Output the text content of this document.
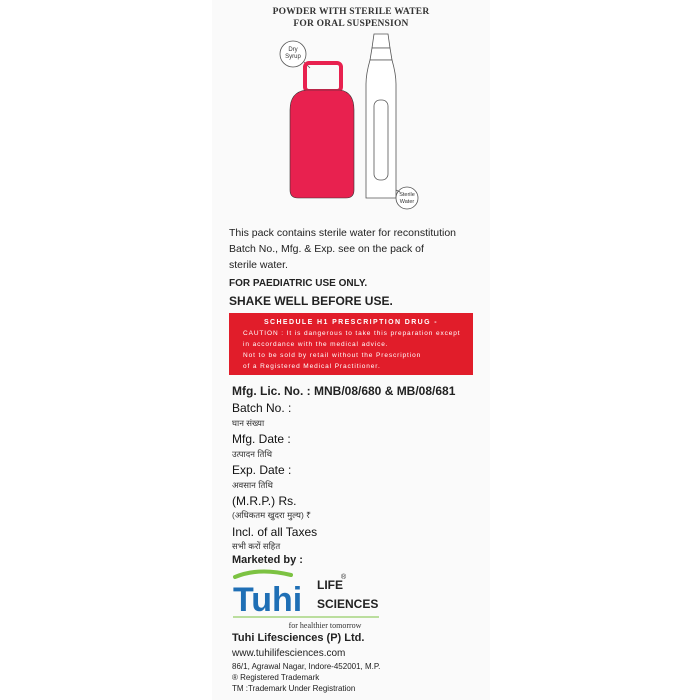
POWDER WITH STERILE WATER
FOR ORAL SUSPENSION
Dry
Syrup
Sterile
Water
This pack contains sterile water for reconstitution
Batch No., Mfg. & Exp. see on the pack of
sterile water.
FOR PAEDIATRIC USE ONLY.
SHAKE WELL BEFORE USE.
SCHEDULE H1 PRESCRIPTION DRUG -
CAUTION : It is dangerous to take this preparation except
in accordance with the medical advice.
Not to be sold by retail without the Prescription
of a Registered Medical Practitioner.
Mfg. Lic. No. : MNB/08/680 & MB/08/681
Batch No. :
घान संख्या
Mfg. Date :
उत्पादन तिथि
Exp. Date :
अवसान तिथि
(M.R.P.) Rs.
(अधिकतम खुदरा मुल्य) ₹
Incl. of all Taxes
सभी करों सहित
Marketed by :
Tuhi LIFE
®
SCIENCES
for healthier tomorrow
Tuhi Lifesciences (P) Ltd.
www.tuhilifesciences.com
86/1, Agrawal Nagar, Indore-452001, M.P.
® Registered Trademark
TM :Trademark Under Registration
